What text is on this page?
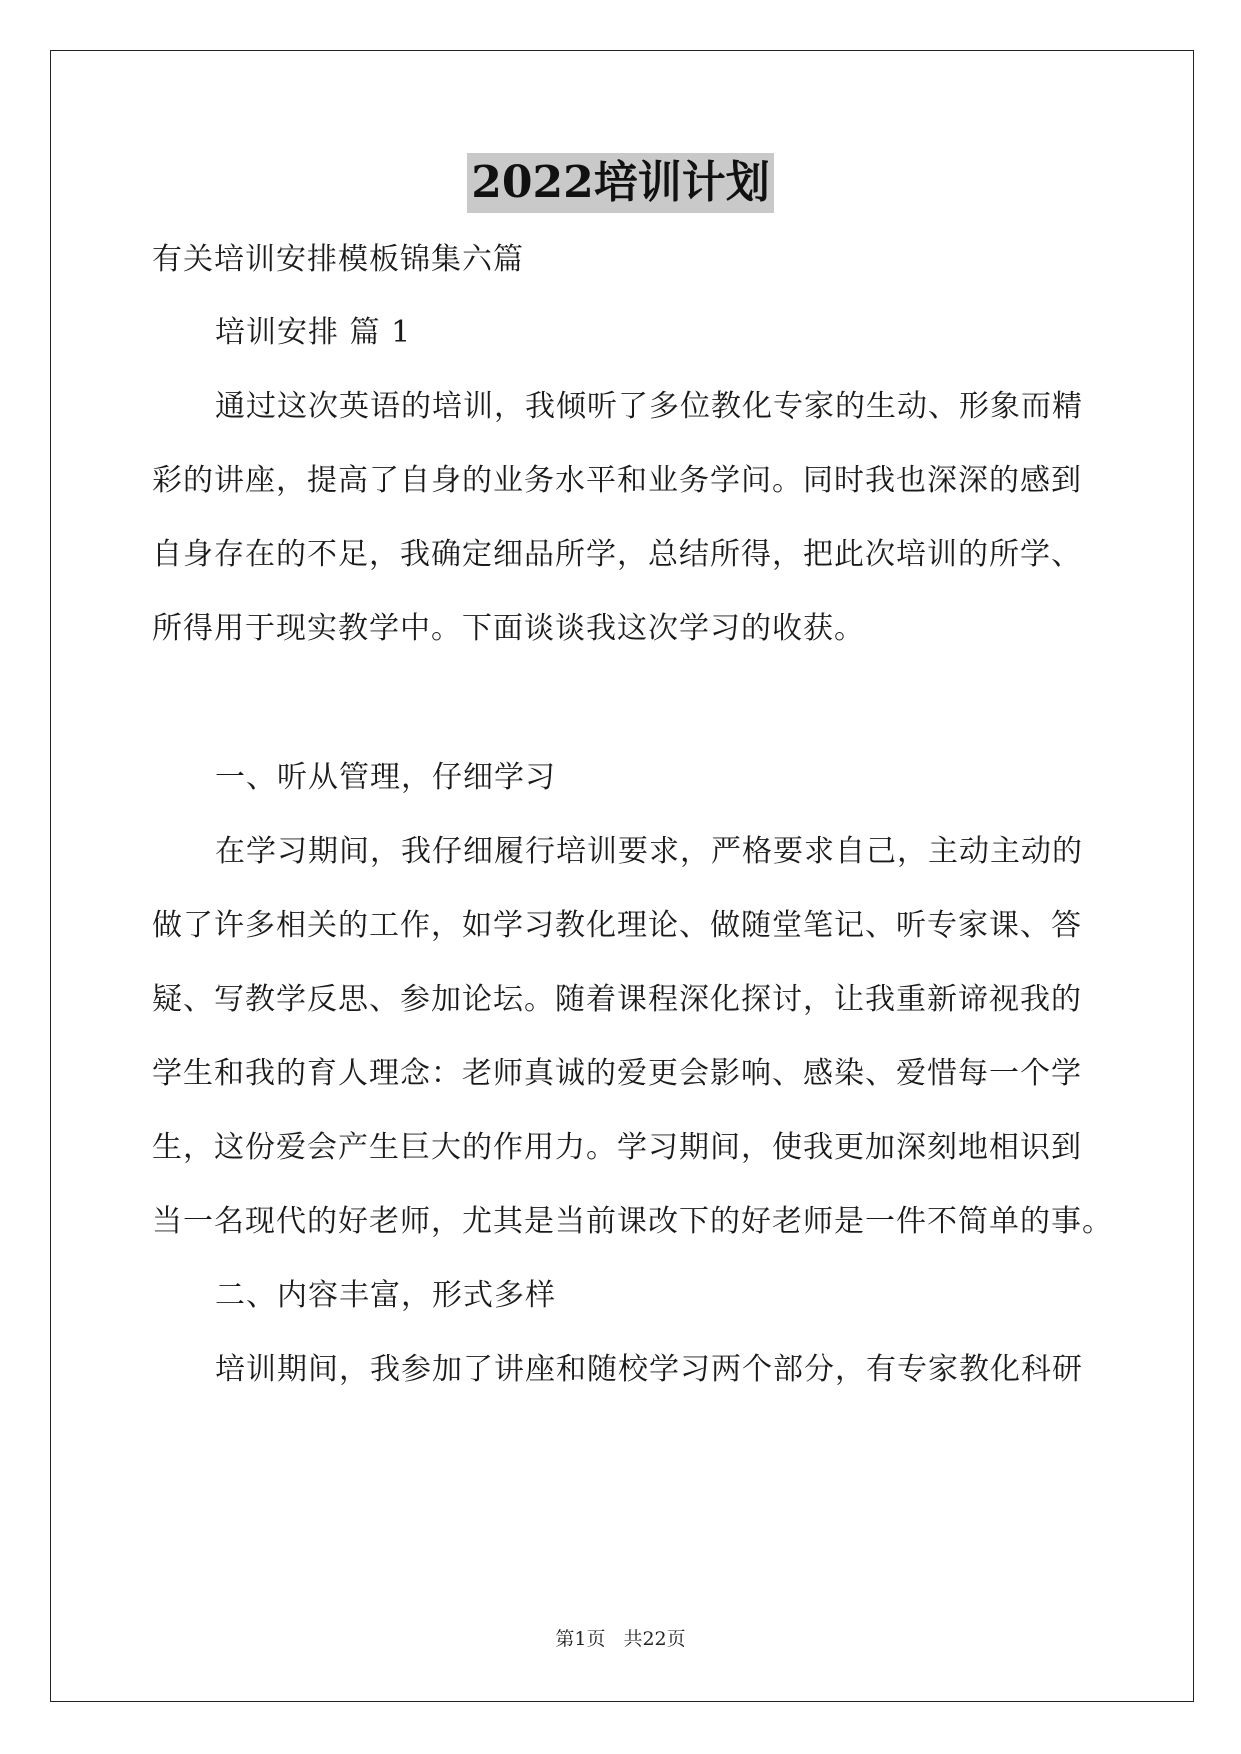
2022培训计划
有关培训安排模板锦集六篇
培训安排 篇 1
通过这次英语的培训，我倾听了多位教化专家的生动、形象而精
彩的讲座，提高了自身的业务水平和业务学问。同时我也深深的感到
自身存在的不足，我确定细品所学，总结所得，把此次培训的所学、
所得用于现实教学中。下面谈谈我这次学习的收获。
一、听从管理，仔细学习
在学习期间，我仔细履行培训要求，严格要求自己，主动主动的
做了许多相关的工作，如学习教化理论、做随堂笔记、听专家课、答
疑、写教学反思、参加论坛。随着课程深化探讨，让我重新谛视我的
学生和我的育人理念：老师真诚的爱更会影响、感染、爱惜每一个学
生，这份爱会产生巨大的作用力。学习期间，使我更加深刻地相识到
当一名现代的好老师，尤其是当前课改下的好老师是一件不简单的事。
二、内容丰富，形式多样
培训期间，我参加了讲座和随校学习两个部分，有专家教化科研
第1页 共22页
